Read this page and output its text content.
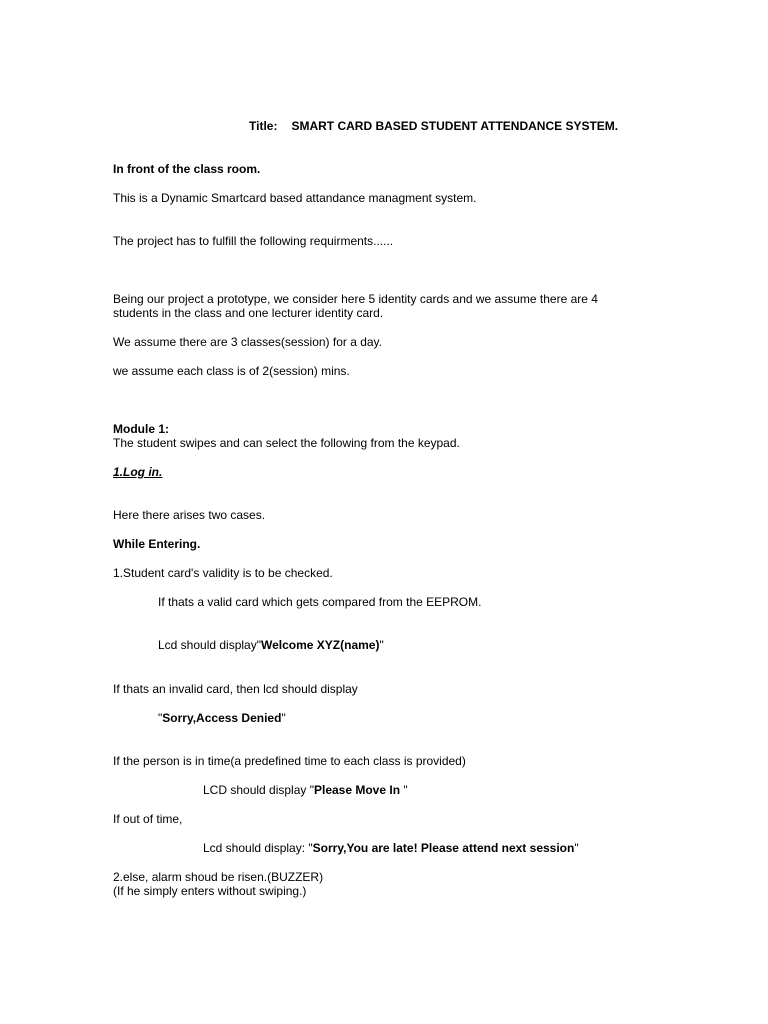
Title: SMART CARD BASED STUDENT ATTENDANCE SYSTEM.
In front of the class room.
This is a Dynamic Smartcard based attandance managment system.
The project has to fulfill the following requirments......
Being our project a prototype, we consider here 5 identity cards and we assume there are 4
students in the class and one lecturer identity card.
We assume there are 3 classes(session) for a day.
we assume each class is of 2(session) mins.
Module 1:
The student swipes and can select the following from the keypad.
1.Log in.
Here there arises two cases.
While Entering.
1.Student card's validity is to be checked.
If thats a valid card which gets compared from the EEPROM.
Lcd should display"Welcome XYZ(name)"
If thats an invalid card, then lcd should display
"Sorry,Access Denied"
If the person is in time(a predefined time to each class is provided)
LCD should display "Please Move In "
If out of time,
Lcd should display: "Sorry,You are late! Please attend next session"
2.else, alarm shoud be risen.(BUZZER)
(If he simply enters without swiping.)
